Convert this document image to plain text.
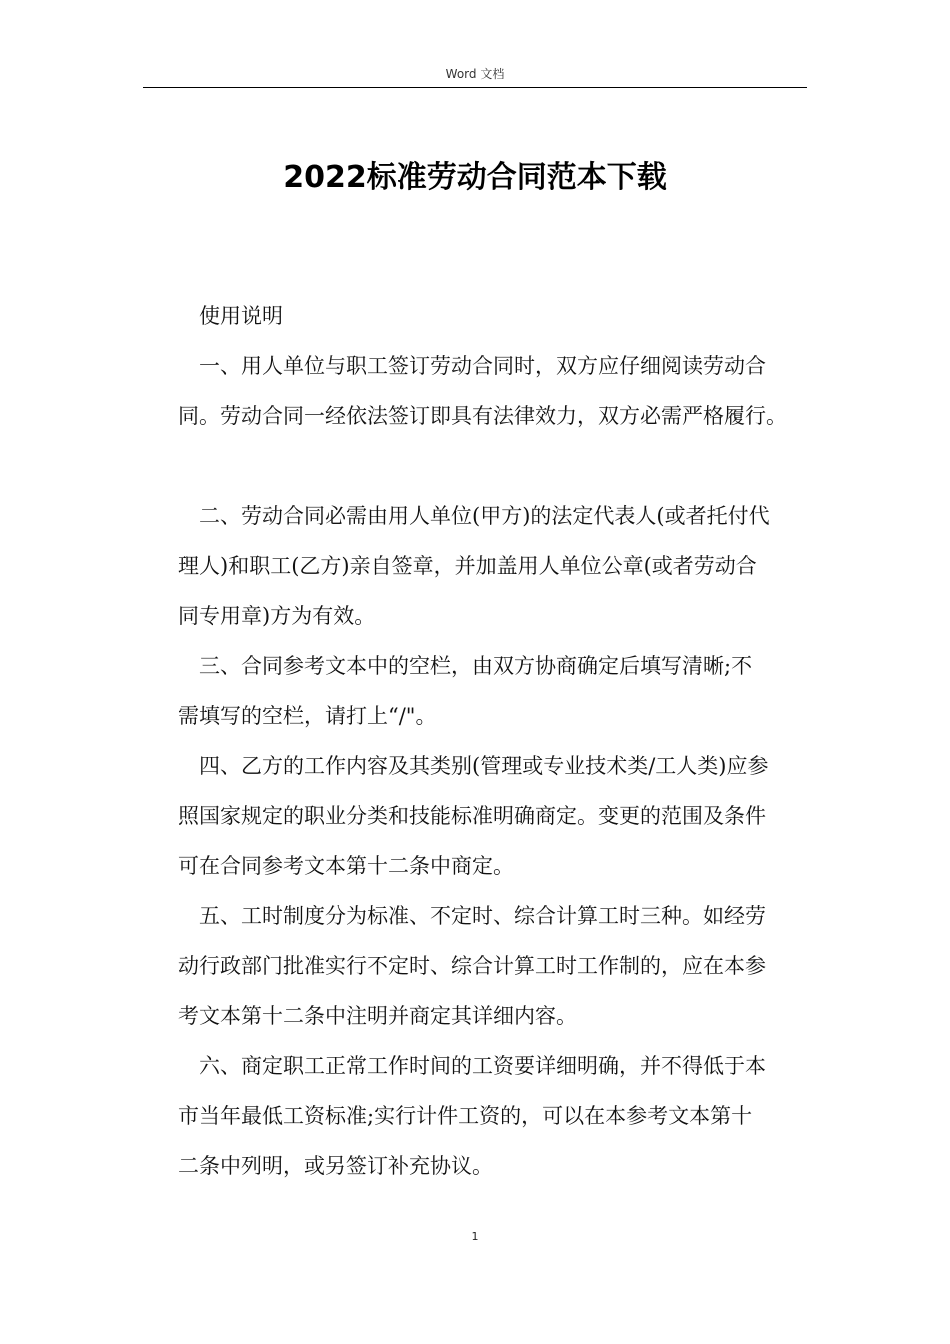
Word 文档
2022标准劳动合同范本下载

使用说明

一、用人单位与职工签订劳动合同时，双方应仔细阅读劳动合

同。劳动合同一经依法签订即具有法律效力，双方必需严格履行。

二、劳动合同必需由用人单位(甲方)的法定代表人(或者托付代

理人)和职工(乙方)亲自签章，并加盖用人单位公章(或者劳动合

同专用章)方为有效。

三、合同参考文本中的空栏，由双方协商确定后填写清晰;不

需填写的空栏，请打上“/"。

四、乙方的工作内容及其类别(管理或专业技术类/工人类)应参

照国家规定的职业分类和技能标准明确商定。变更的范围及条件

可在合同参考文本第十二条中商定。

五、工时制度分为标准、不定时、综合计算工时三种。如经劳

动行政部门批准实行不定时、综合计算工时工作制的，应在本参

考文本第十二条中注明并商定其详细内容。

六、商定职工正常工作时间的工资要详细明确，并不得低于本

市当年最低工资标准;实行计件工资的，可以在本参考文本第十

二条中列明，或另签订补充协议。

1
